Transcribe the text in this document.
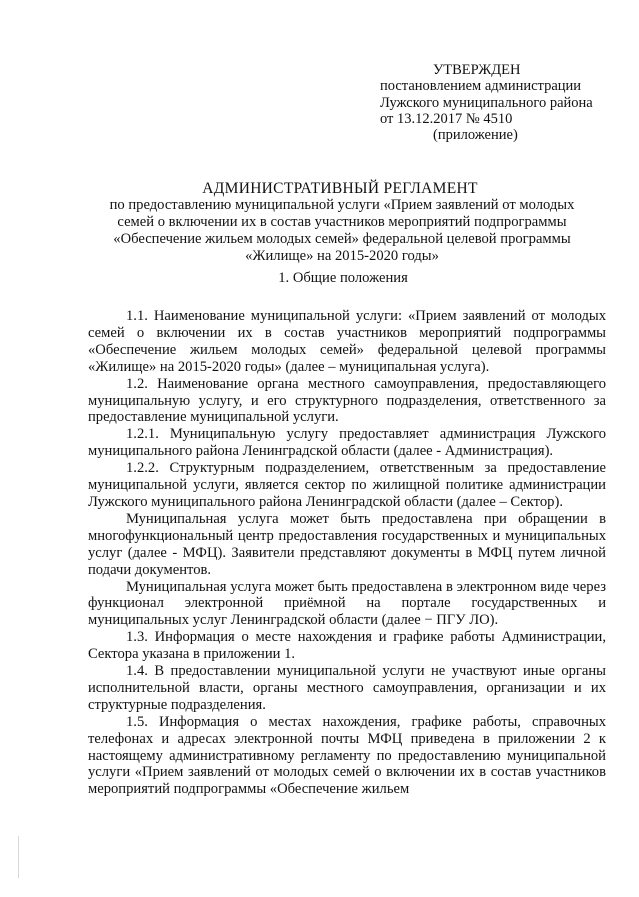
УТВЕРЖДЕН
постановлением администрации
Лужского муниципального района
от 13.12.2017 № 4510
(приложение)
АДМИНИСТРАТИВНЫЙ РЕГЛАМЕНТ
по предоставлению муниципальной услуги «Прием заявлений от молодых
семей о включении их в состав участников мероприятий подпрограммы
«Обеспечение жильем молодых семей» федеральной целевой программы
«Жилище» на 2015-2020 годы»
1. Общие положения

1.1. Наименование муниципальной услуги: «Прием заявлений от молодых семей о включении их в состав участников мероприятий подпрограммы «Обеспечение жильем молодых семей» федеральной целевой программы «Жилище» на 2015-2020 годы» (далее – муниципальная услуга).

1.2. Наименование органа местного самоуправления, предоставляющего муниципальную услугу, и его структурного подразделения, ответственного за предоставление муниципальной услуги.

1.2.1. Муниципальную услугу предоставляет администрация Лужского муниципального района Ленинградской области (далее - Администрация).

1.2.2. Структурным подразделением, ответственным за предоставление муниципальной услуги, является сектор по жилищной политике администрации Лужского муниципального района Ленинградской области (далее – Сектор).

Муниципальная услуга может быть предоставлена при обращении в многофункциональный центр предоставления государственных и муниципальных услуг (далее - МФЦ). Заявители представляют документы в МФЦ путем личной подачи документов.

Муниципальная услуга может быть предоставлена в электронном виде через функционал электронной приёмной на портале государственных и муниципальных услуг Ленинградской области (далее − ПГУ ЛО).

1.3. Информация о месте нахождения и графике работы Администрации, Сектора указана в приложении 1.

1.4. В предоставлении муниципальной услуги не участвуют иные органы исполнительной власти, органы местного самоуправления, организации и их структурные подразделения.

1.5. Информация о местах нахождения, графике работы, справочных телефонах и адресах электронной почты МФЦ приведена в приложении 2 к настоящему административному регламенту по предоставлению муниципальной услуги «Прием заявлений от молодых семей о включении их в состав участников мероприятий подпрограммы «Обеспечение жильем
